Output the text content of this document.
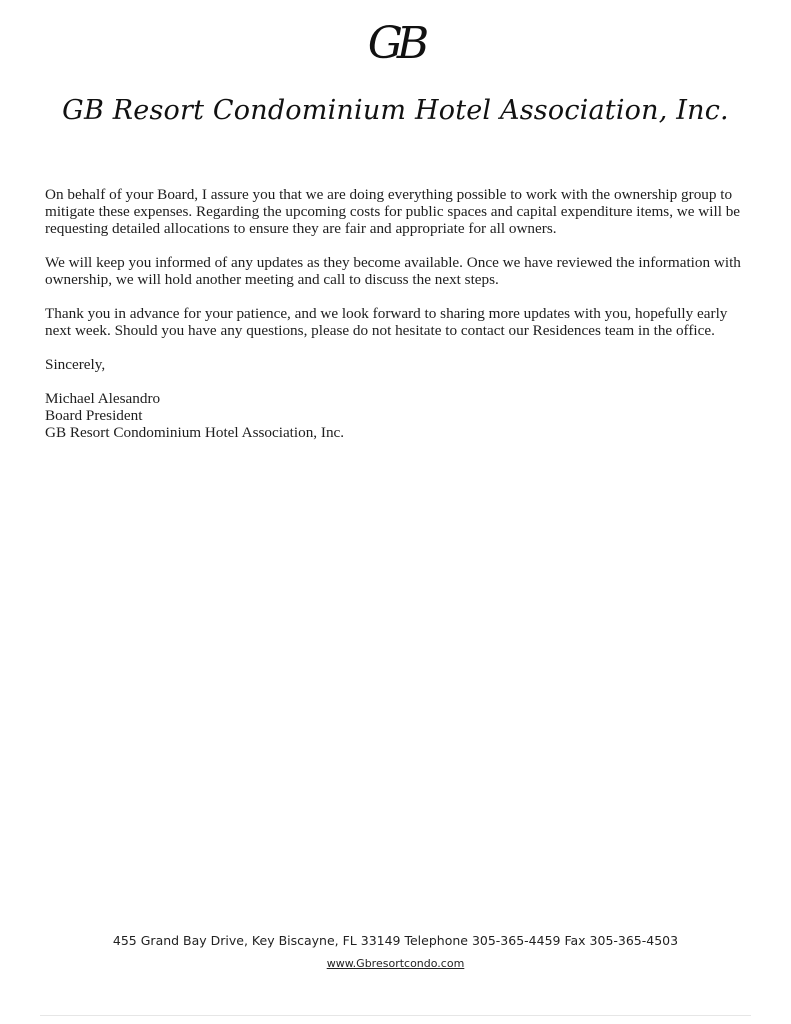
GB
GB Resort Condominium Hotel Association, Inc.

On behalf of your Board, I assure you that we are doing everything possible to work with the ownership group to mitigate these expenses. Regarding the upcoming costs for public spaces and capital expenditure items, we will be requesting detailed allocations to ensure they are fair and appropriate for all owners.

We will keep you informed of any updates as they become available. Once we have reviewed the information with ownership, we will hold another meeting and call to discuss the next steps.

Thank you in advance for your patience, and we look forward to sharing more updates with you, hopefully early next week. Should you have any questions, please do not hesitate to contact our Residences team in the office.

Sincerely,

Michael Alesandro
Board President
GB Resort Condominium Hotel Association, Inc.
455 Grand Bay Drive, Key Biscayne, FL 33149 Telephone 305-365-4459 Fax 305-365-4503
www.Gbresortcondo.com
